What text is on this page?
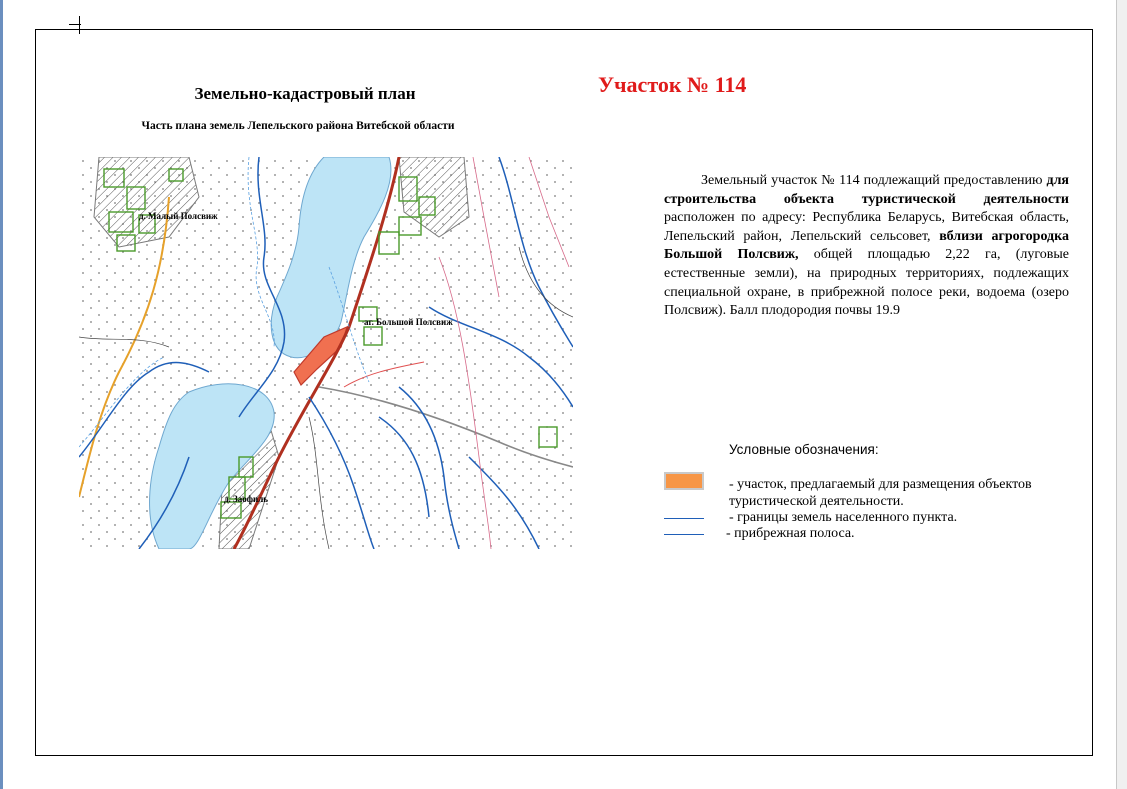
Земельно-кадастровый план
Часть плана земель Лепельского района Витебской области
Участок № 114
д. Малый Полсвиж
аг. Большой Полсвиж
д. Заофиль
Земельный участок № 114 подлежащий предоставлению для строительства объекта туристической деятельности расположен по адресу: Республика Беларусь, Витебская область, Лепельский район, Лепельский сельсовет, вблизи агрогородка Большой Полсвиж, общей площадью 2,22 га, (луговые естественные земли), на природных территориях, подлежащих специальной охране, в прибрежной полосе реки, водоема (озеро Полсвиж). Балл плодородия почвы 19.9
Условные обозначения:
- участок, предлагаемый для размещения объектов туристической деятельности.
- границы земель населенного пункта.
- прибрежная полоса.
